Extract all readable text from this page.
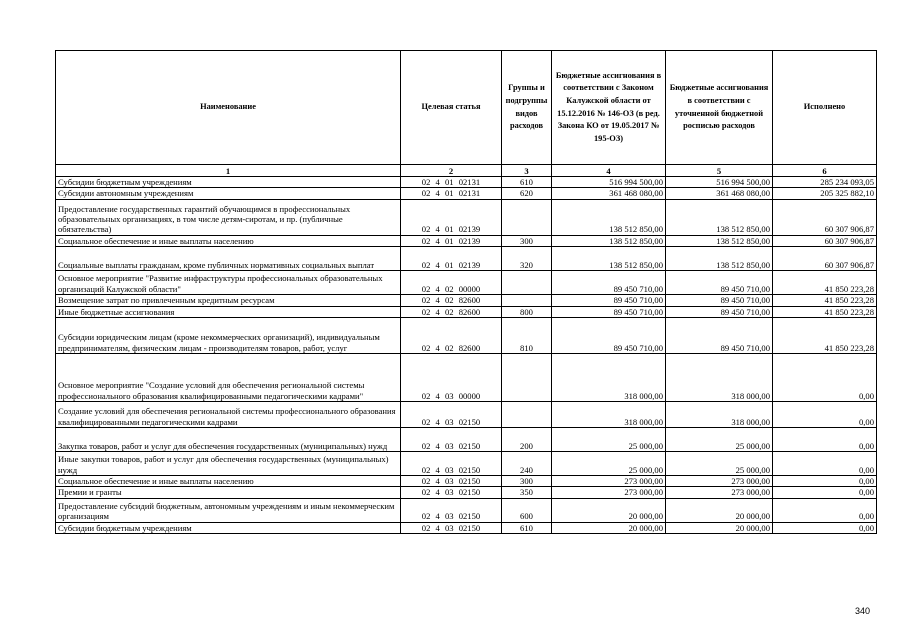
Наименование	Целевая статья	Группы и подгруппы видов расходов	Бюджетные ассигнования в соответствии с Законом Калужской области от 15.12.2016 № 146-ОЗ (в ред. Закона КО от 19.05.2017 № 195-ОЗ)	Бюджетные ассигнования в соответствии с уточненной бюджетной росписью расходов	Исполнено
1	2	3	4	5	6
Субсидии бюджетным учреждениям	02 4 01 02131	610	516 994 500,00	516 994 500,00	285 234 093,05
Субсидии автономным учреждениям	02 4 01 02131	620	361 468 080,00	361 468 080,00	205 325 882,10
Предоставление государственных гарантий обучающимся в профессиональных образовательных организациях, в том числе детям-сиротам, и пр. (публичные обязательства)	02 4 01 02139		138 512 850,00	138 512 850,00	60 307 906,87
Социальное обеспечение и иные выплаты населению	02 4 01 02139	300	138 512 850,00	138 512 850,00	60 307 906,87
Социальные выплаты гражданам, кроме публичных нормативных социальных выплат	02 4 01 02139	320	138 512 850,00	138 512 850,00	60 307 906,87
Основное мероприятие "Развитие инфраструктуры профессиональных образовательных организаций Калужской области"	02 4 02 00000		89 450 710,00	89 450 710,00	41 850 223,28
Возмещение затрат по привлеченным кредитным ресурсам	02 4 02 82600		89 450 710,00	89 450 710,00	41 850 223,28
Иные бюджетные ассигнования	02 4 02 82600	800	89 450 710,00	89 450 710,00	41 850 223,28
Субсидии юридическим лицам (кроме некоммерческих организаций), индивидуальным предпринимателям, физическим лицам - производителям товаров, работ, услуг	02 4 02 82600	810	89 450 710,00	89 450 710,00	41 850 223,28
Основное мероприятие "Создание условий для обеспечения региональной системы профессионального образования квалифицированными педагогическими кадрами"	02 4 03 00000		318 000,00	318 000,00	0,00
Создание условий для обеспечения региональной системы профессионального образования квалифицированными педагогическими кадрами	02 4 03 02150		318 000,00	318 000,00	0,00
Закупка товаров, работ и услуг для обеспечения государственных (муниципальных) нужд	02 4 03 02150	200	25 000,00	25 000,00	0,00
Иные закупки товаров, работ и услуг для обеспечения государственных (муниципальных) нужд	02 4 03 02150	240	25 000,00	25 000,00	0,00
Социальное обеспечение и иные выплаты населению	02 4 03 02150	300	273 000,00	273 000,00	0,00
Премии и гранты	02 4 03 02150	350	273 000,00	273 000,00	0,00
Предоставление субсидий бюджетным, автономным учреждениям и иным некоммерческим организациям	02 4 03 02150	600	20 000,00	20 000,00	0,00
Субсидии бюджетным учреждениям	02 4 03 02150	610	20 000,00	20 000,00	0,00
340
